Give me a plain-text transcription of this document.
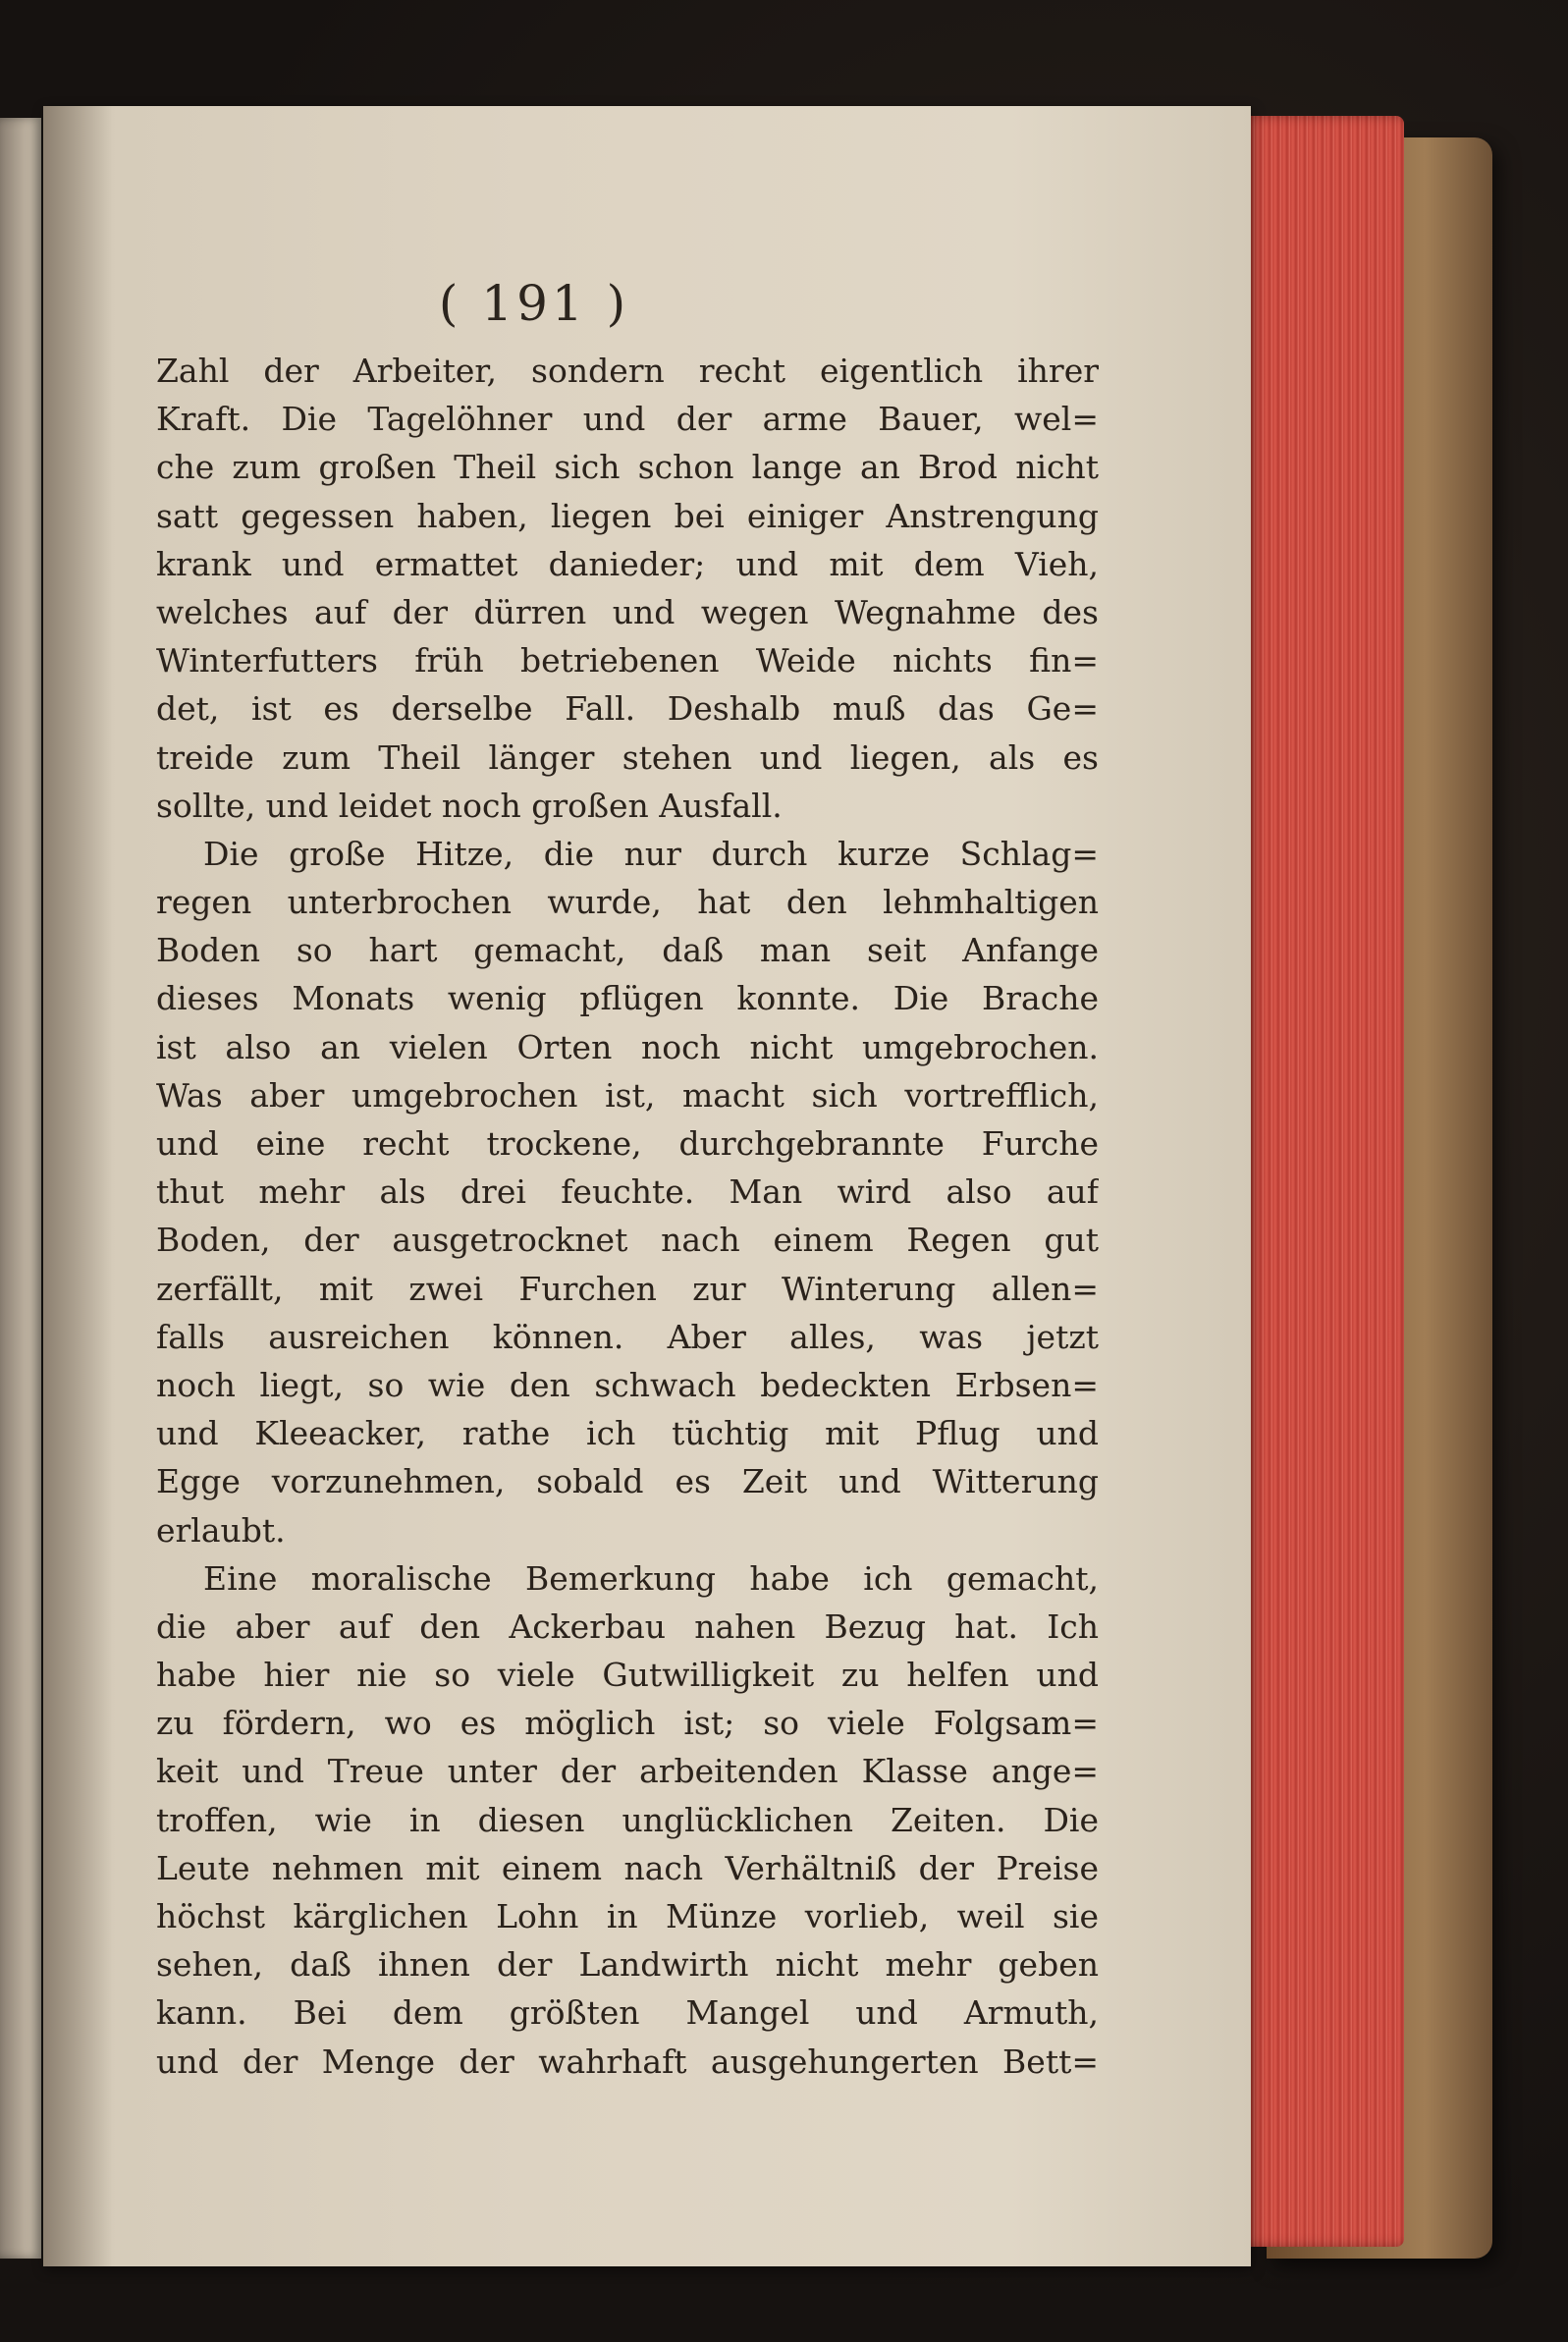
( 191 )
Zahl der Arbeiter, sondern recht eigentlich ihrer
Kraft. Die Tagelöhner und der arme Bauer, wel=
che zum großen Theil sich schon lange an Brod nicht
satt gegessen haben, liegen bei einiger Anstrengung
krank und ermattet danieder; und mit dem Vieh,
welches auf der dürren und wegen Wegnahme des
Winterfutters früh betriebenen Weide nichts fin=
det, ist es derselbe Fall. Deshalb muß das Ge=
treide zum Theil länger stehen und liegen, als es
sollte, und leidet noch großen Ausfall.
Die große Hitze, die nur durch kurze Schlag=
regen unterbrochen wurde, hat den lehmhaltigen
Boden so hart gemacht, daß man seit Anfange
dieses Monats wenig pflügen konnte. Die Brache
ist also an vielen Orten noch nicht umgebrochen.
Was aber umgebrochen ist, macht sich vortrefflich,
und eine recht trockene, durchgebrannte Furche
thut mehr als drei feuchte. Man wird also auf
Boden, der ausgetrocknet nach einem Regen gut
zerfällt, mit zwei Furchen zur Winterung allen=
falls ausreichen können. Aber alles, was jetzt
noch liegt, so wie den schwach bedeckten Erbsen=
und Kleeacker, rathe ich tüchtig mit Pflug und
Egge vorzunehmen, sobald es Zeit und Witterung
erlaubt.
Eine moralische Bemerkung habe ich gemacht,
die aber auf den Ackerbau nahen Bezug hat. Ich
habe hier nie so viele Gutwilligkeit zu helfen und
zu fördern, wo es möglich ist; so viele Folgsam=
keit und Treue unter der arbeitenden Klasse ange=
troffen, wie in diesen unglücklichen Zeiten. Die
Leute nehmen mit einem nach Verhältniß der Preise
höchst kärglichen Lohn in Münze vorlieb, weil sie
sehen, daß ihnen der Landwirth nicht mehr geben
kann. Bei dem größten Mangel und Armuth,
und der Menge der wahrhaft ausgehungerten Bett=
